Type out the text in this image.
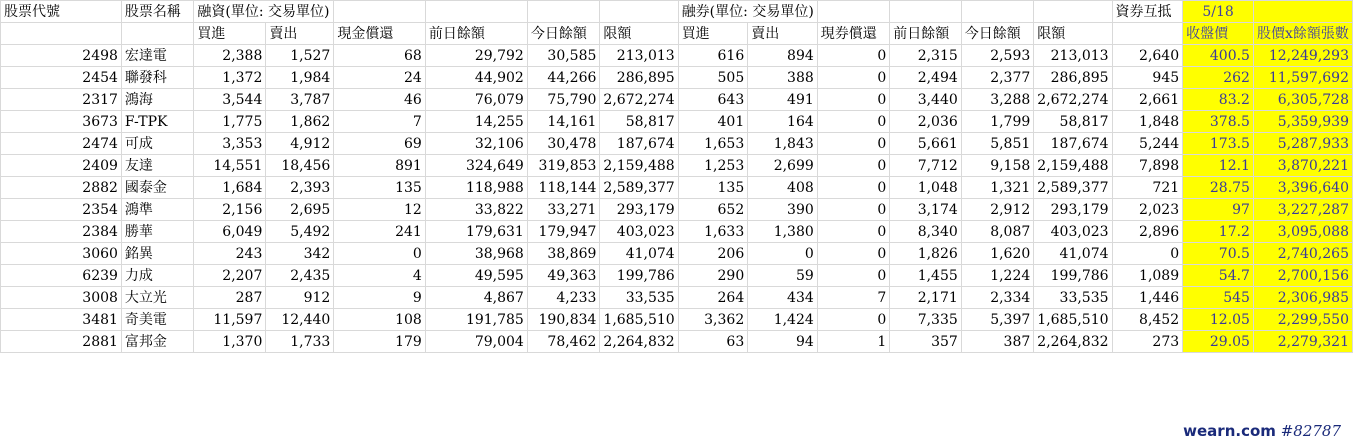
股票代號	股票名稱	融資(單位: 交易單位)						融券(單位: 交易單位)						資券互抵	5/18	
		買進	賣出	現金償還	前日餘額	今日餘額	限額	買進	賣出	現券償還	前日餘額	今日餘額	限額		收盤價	股價x餘額張數
2498	宏達電	2,388	1,527	68	29,792	30,585	213,013	616	894	0	2,315	2,593	213,013	2,640	400.5	12,249,293
2454	聯發科	1,372	1,984	24	44,902	44,266	286,895	505	388	0	2,494	2,377	286,895	945	262	11,597,692
2317	鴻海	3,544	3,787	46	76,079	75,790	2,672,274	643	491	0	3,440	3,288	2,672,274	2,661	83.2	6,305,728
3673	F-TPK	1,775	1,862	7	14,255	14,161	58,817	401	164	0	2,036	1,799	58,817	1,848	378.5	5,359,939
2474	可成	3,353	4,912	69	32,106	30,478	187,674	1,653	1,843	0	5,661	5,851	187,674	5,244	173.5	5,287,933
2409	友達	14,551	18,456	891	324,649	319,853	2,159,488	1,253	2,699	0	7,712	9,158	2,159,488	7,898	12.1	3,870,221
2882	國泰金	1,684	2,393	135	118,988	118,144	2,589,377	135	408	0	1,048	1,321	2,589,377	721	28.75	3,396,640
2354	鴻準	2,156	2,695	12	33,822	33,271	293,179	652	390	0	3,174	2,912	293,179	2,023	97	3,227,287
2384	勝華	6,049	5,492	241	179,631	179,947	403,023	1,633	1,380	0	8,340	8,087	403,023	2,896	17.2	3,095,088
3060	銘異	243	342	0	38,968	38,869	41,074	206	0	0	1,826	1,620	41,074	0	70.5	2,740,265
6239	力成	2,207	2,435	4	49,595	49,363	199,786	290	59	0	1,455	1,224	199,786	1,089	54.7	2,700,156
3008	大立光	287	912	9	4,867	4,233	33,535	264	434	7	2,171	2,334	33,535	1,446	545	2,306,985
3481	奇美電	11,597	12,440	108	191,785	190,834	1,685,510	3,362	1,424	0	7,335	5,397	1,685,510	8,452	12.05	2,299,550
2881	富邦金	1,370	1,733	179	79,004	78,462	2,264,832	63	94	1	357	387	2,264,832	273	29.05	2,279,321
wearn.com #82787
